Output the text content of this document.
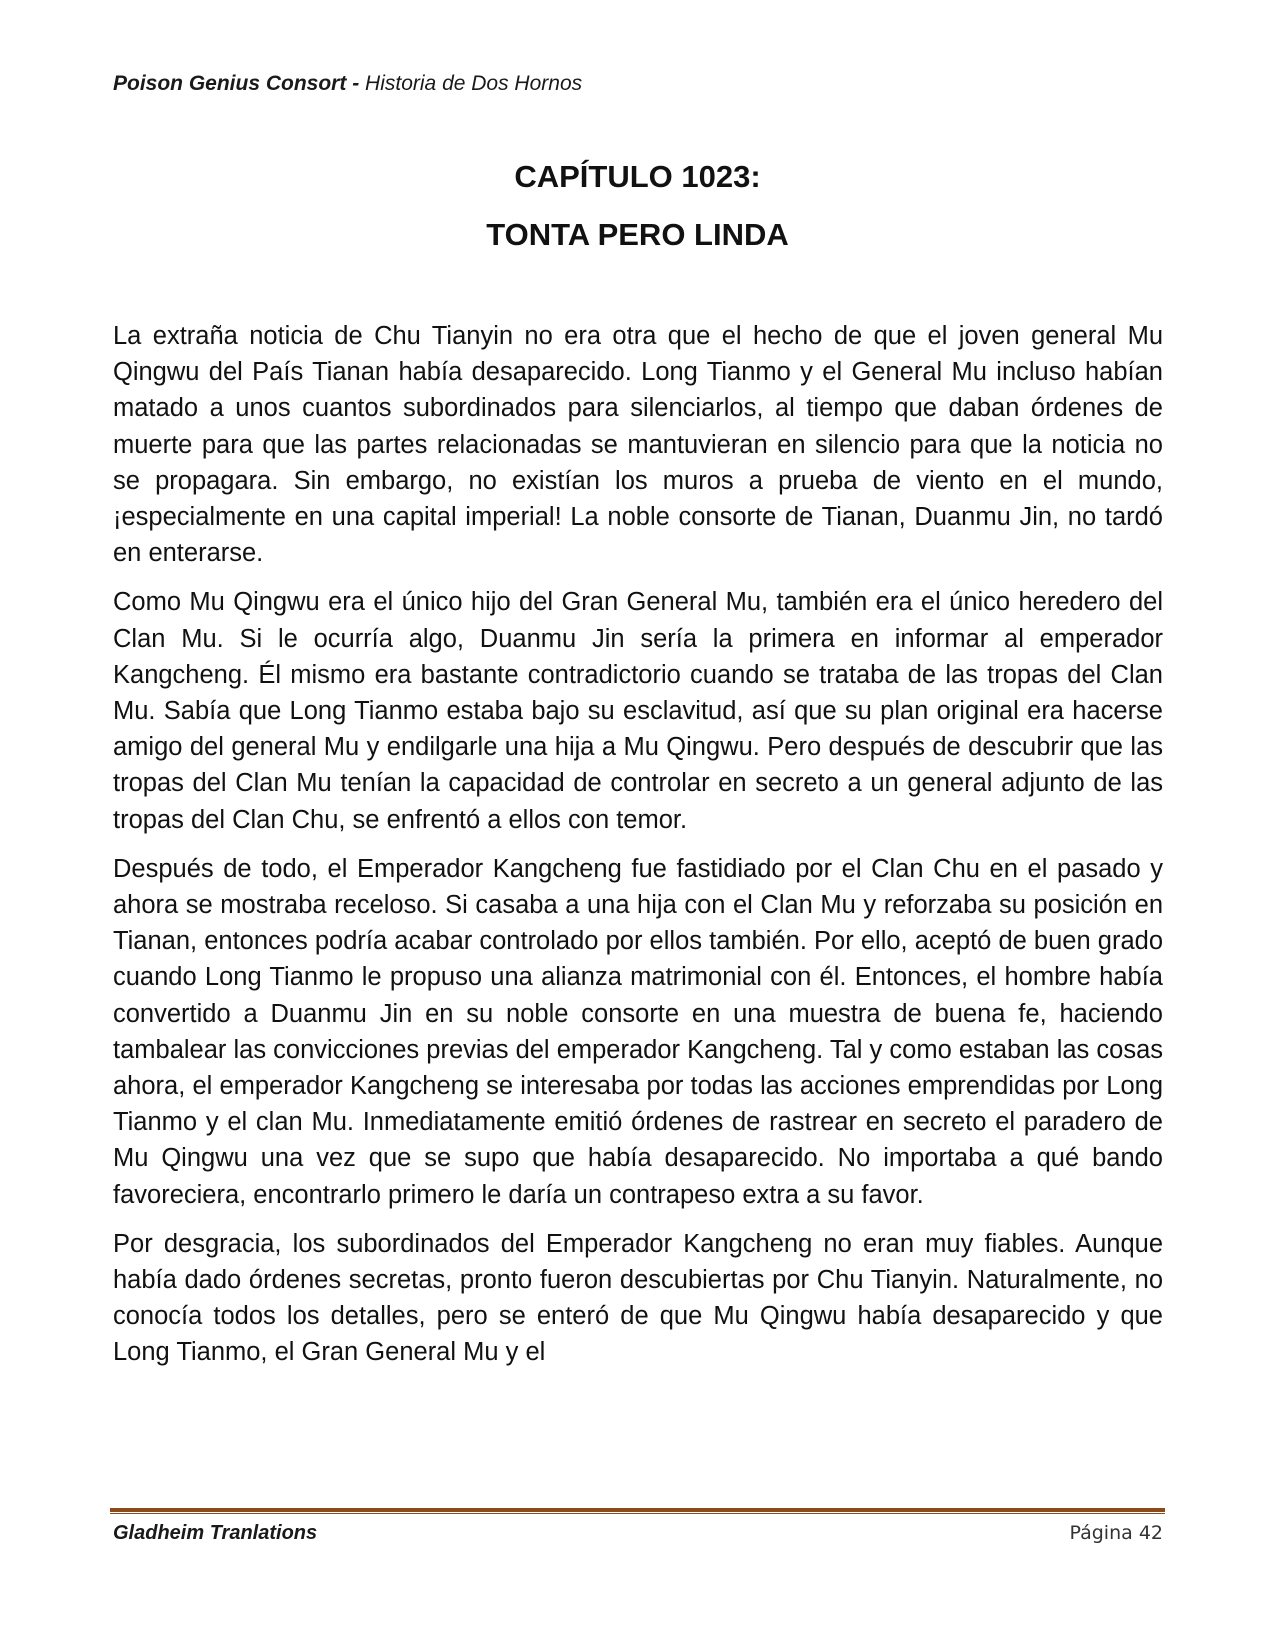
Poison Genius Consort - Historia de Dos Hornos
CAPÍTULO 1023:
TONTA PERO LINDA

La extraña noticia de Chu Tianyin no era otra que el hecho de que el joven general Mu Qingwu del País Tianan había desaparecido. Long Tianmo y el General Mu incluso habían matado a unos cuantos subordinados para silenciarlos, al tiempo que daban órdenes de muerte para que las partes relacionadas se mantuvieran en silencio para que la noticia no se propagara. Sin embargo, no existían los muros a prueba de viento en el mundo, ¡especialmente en una capital imperial! La noble consorte de Tianan, Duanmu Jin, no tardó en enterarse.

Como Mu Qingwu era el único hijo del Gran General Mu, también era el único heredero del Clan Mu. Si le ocurría algo, Duanmu Jin sería la primera en informar al emperador Kangcheng. Él mismo era bastante contradictorio cuando se trataba de las tropas del Clan Mu. Sabía que Long Tianmo estaba bajo su esclavitud, así que su plan original era hacerse amigo del general Mu y endilgarle una hija a Mu Qingwu. Pero después de descubrir que las tropas del Clan Mu tenían la capacidad de controlar en secreto a un general adjunto de las tropas del Clan Chu, se enfrentó a ellos con temor.

Después de todo, el Emperador Kangcheng fue fastidiado por el Clan Chu en el pasado y ahora se mostraba receloso. Si casaba a una hija con el Clan Mu y reforzaba su posición en Tianan, entonces podría acabar controlado por ellos también. Por ello, aceptó de buen grado cuando Long Tianmo le propuso una alianza matrimonial con él. Entonces, el hombre había convertido a Duanmu Jin en su noble consorte en una muestra de buena fe, haciendo tambalear las convicciones previas del emperador Kangcheng. Tal y como estaban las cosas ahora, el emperador Kangcheng se interesaba por todas las acciones emprendidas por Long Tianmo y el clan Mu. Inmediatamente emitió órdenes de rastrear en secreto el paradero de Mu Qingwu una vez que se supo que había desaparecido. No importaba a qué bando favoreciera, encontrarlo primero le daría un contrapeso extra a su favor.

Por desgracia, los subordinados del Emperador Kangcheng no eran muy fiables. Aunque había dado órdenes secretas, pronto fueron descubiertas por Chu Tianyin. Naturalmente, no conocía todos los detalles, pero se enteró de que Mu Qingwu había desaparecido y que Long Tianmo, el Gran General Mu y el

Gladheim Tranlations	Página 42
